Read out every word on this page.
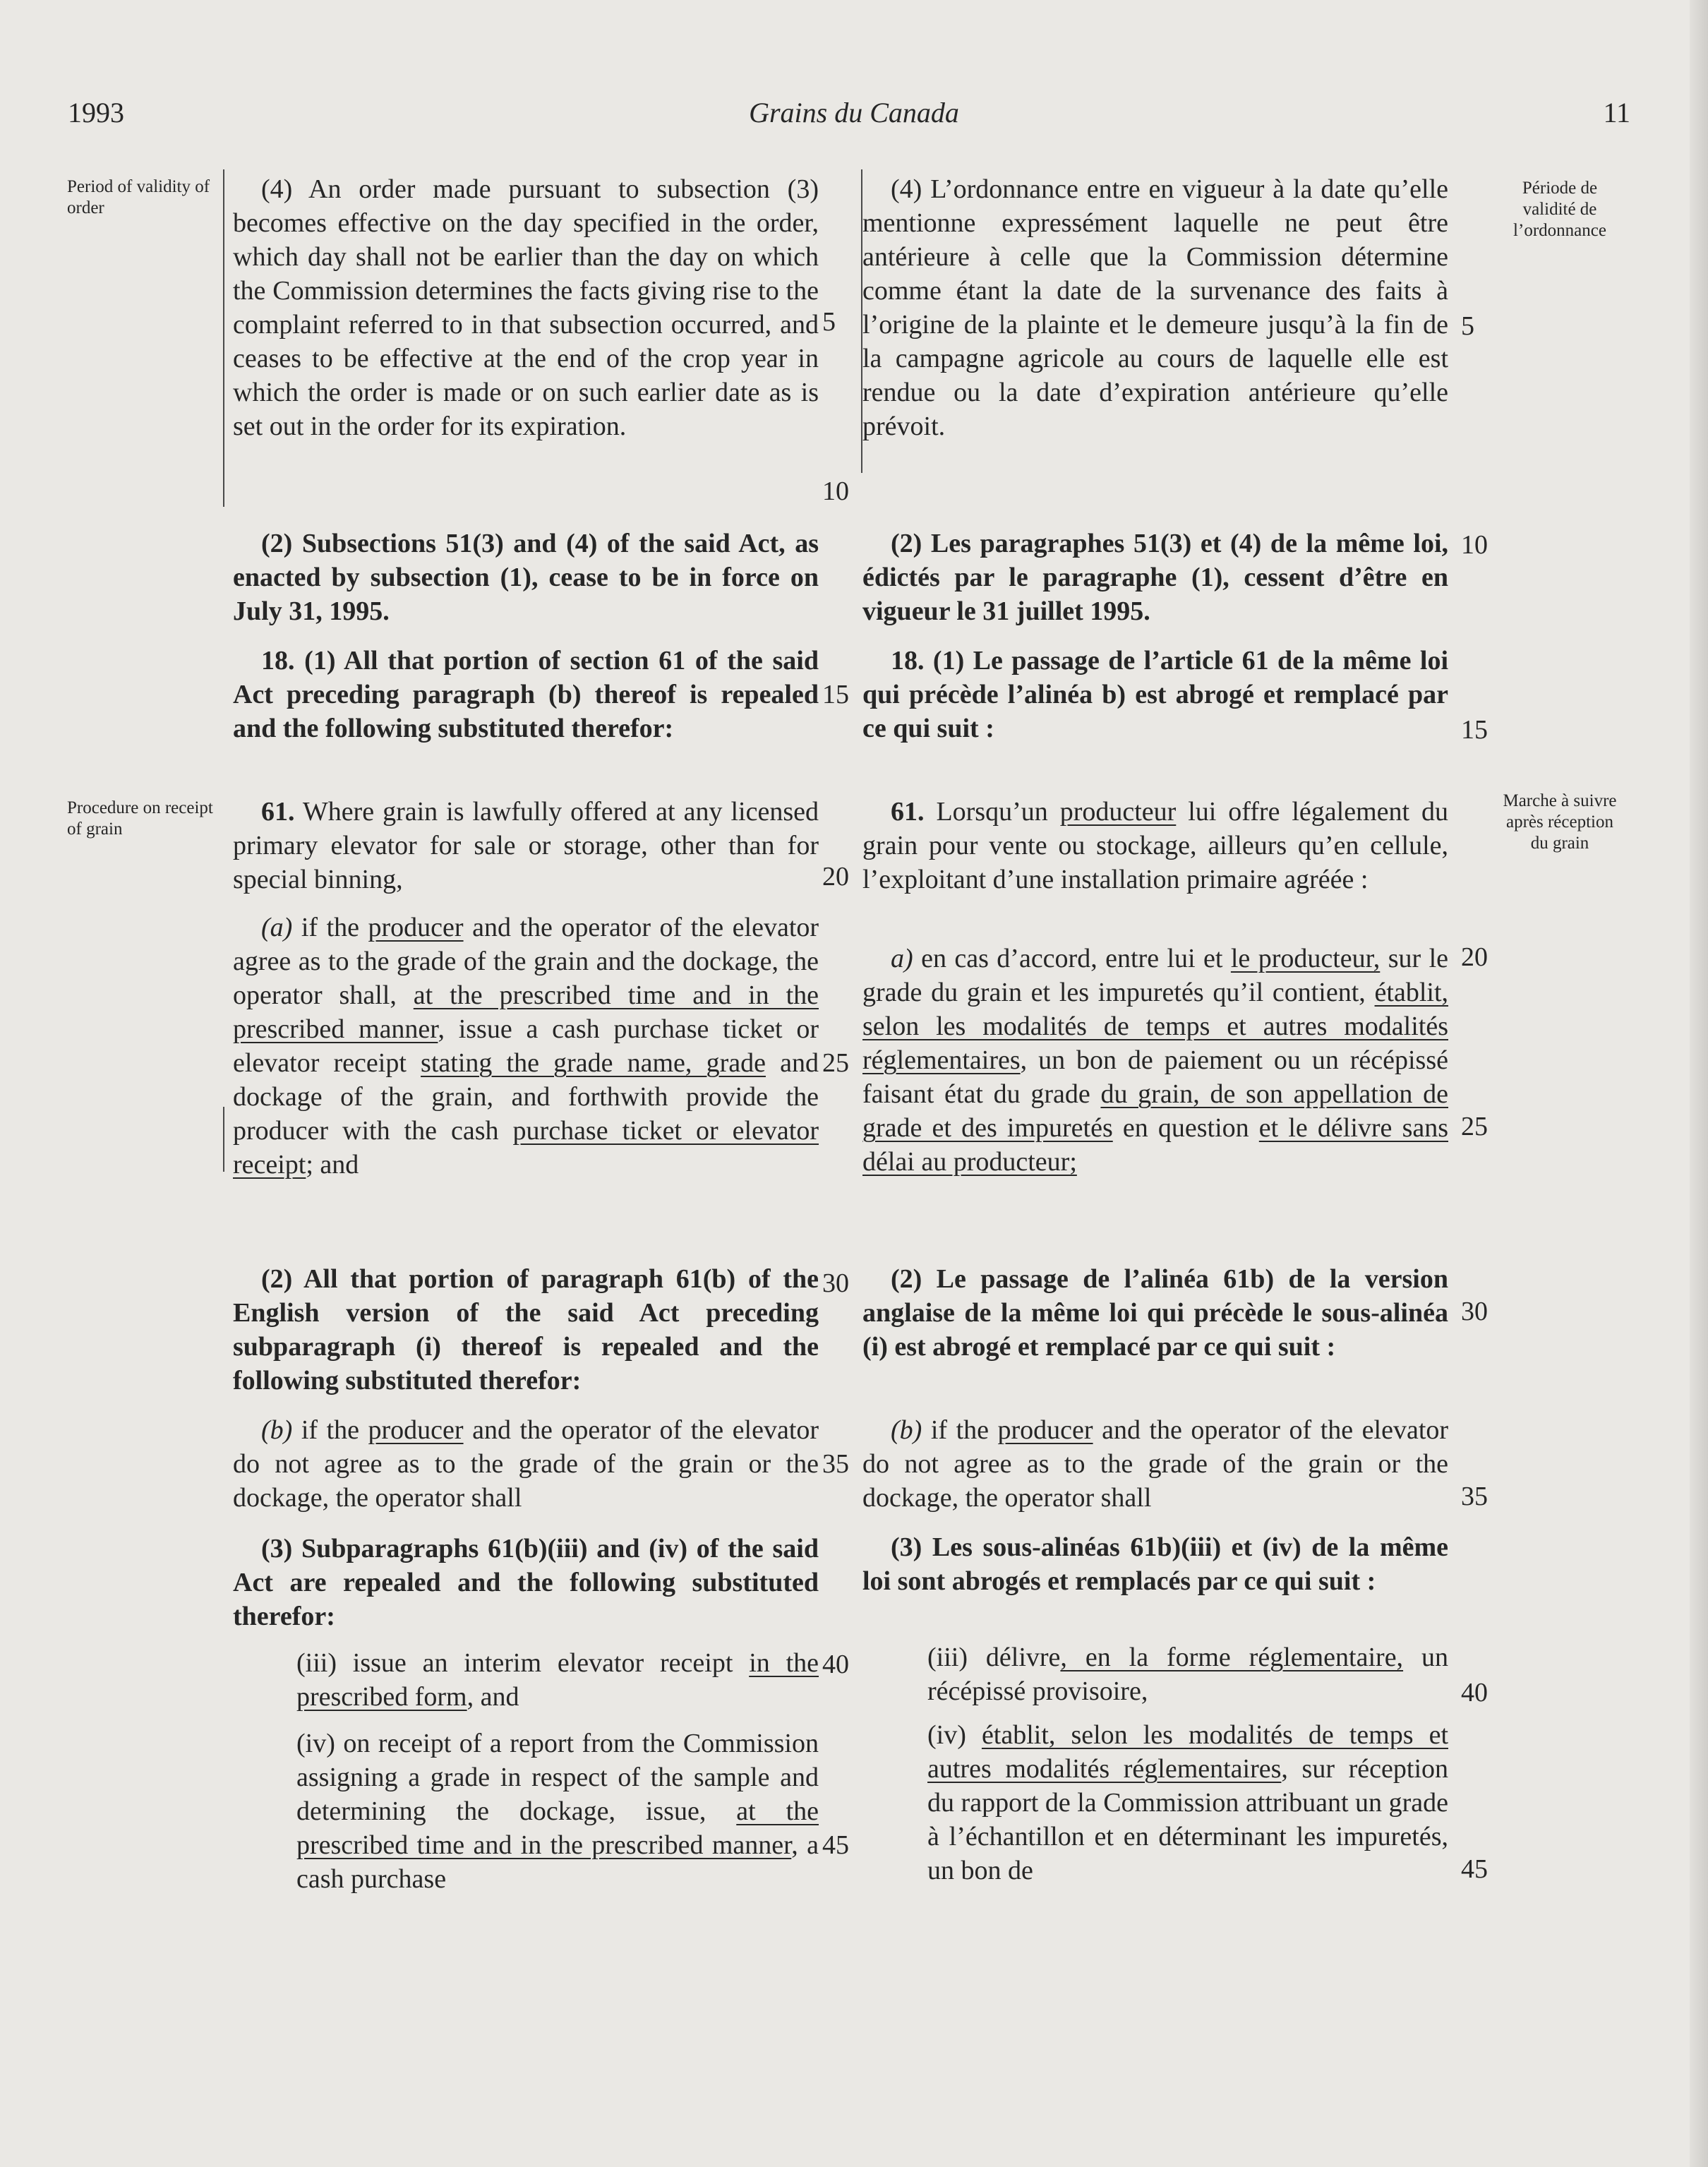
1993	Grains du Canada	11
Period of validity of order
Procedure on receipt of grain
Période de validité de l’ordonnance
Marche à suivre après réception du grain
5
10
15
20
25
30
35
40
45
5
10
15
20
25
30
35
40
45

(4) An order made pursuant to subsection (3) becomes effective on the day specified in the order, which day shall not be earlier than the day on which the Commission determines the facts giving rise to the complaint referred to in that subsection occurred, and ceases to be effective at the end of the crop year in which the order is made or on such earlier date as is set out in the order for its expiration.

(2) Subsections 51(3) and (4) of the said Act, as enacted by subsection (1), cease to be in force on July 31, 1995.

18. (1) All that portion of section 61 of the said Act preceding paragraph (b) thereof is repealed and the following substituted therefor:

61. Where grain is lawfully offered at any licensed primary elevator for sale or storage, other than for special binning,

(a) if the producer and the operator of the elevator agree as to the grade of the grain and the dockage, the operator shall, at the prescribed time and in the prescribed manner, issue a cash purchase ticket or elevator receipt stating the grade name, grade and dockage of the grain, and forthwith provide the producer with the cash purchase ticket or elevator receipt; and

(2) All that portion of paragraph 61(b) of the English version of the said Act preceding subparagraph (i) thereof is repealed and the following substituted therefor:

(b) if the producer and the operator of the elevator do not agree as to the grade of the grain or the dockage, the operator shall

(3) Subparagraphs 61(b)(iii) and (iv) of the said Act are repealed and the following substituted therefor:

(iii) issue an interim elevator receipt in the prescribed form, and

(iv) on receipt of a report from the Commission assigning a grade in respect of the sample and determining the dockage, issue, at the prescribed time and in the prescribed manner, a cash purchase

(4) L’ordonnance entre en vigueur à la date qu’elle mentionne expressément laquelle ne peut être antérieure à celle que la Commission détermine comme étant la date de la survenance des faits à l’origine de la plainte et le demeure jusqu’à la fin de la campagne agricole au cours de laquelle elle est rendue ou la date d’expiration antérieure qu’elle prévoit.

(2) Les paragraphes 51(3) et (4) de la même loi, édictés par le paragraphe (1), cessent d’être en vigueur le 31 juillet 1995.

18. (1) Le passage de l’article 61 de la même loi qui précède l’alinéa b) est abrogé et remplacé par ce qui suit :

61. Lorsqu’un producteur lui offre légalement du grain pour vente ou stockage, ailleurs qu’en cellule, l’exploitant d’une installation primaire agréée :

a) en cas d’accord, entre lui et le producteur, sur le grade du grain et les impuretés qu’il contient, établit, selon les modalités de temps et autres modalités réglementaires, un bon de paiement ou un récépissé faisant état du grade du grain, de son appellation de grade et des impuretés en question et le délivre sans délai au producteur;

(2) Le passage de l’alinéa 61b) de la version anglaise de la même loi qui précède le sous-alinéa (i) est abrogé et remplacé par ce qui suit :

(b) if the producer and the operator of the elevator do not agree as to the grade of the grain or the dockage, the operator shall

(3) Les sous-alinéas 61b)(iii) et (iv) de la même loi sont abrogés et remplacés par ce qui suit :

(iii) délivre, en la forme réglementaire, un récépissé provisoire,

(iv) établit, selon les modalités de temps et autres modalités réglementaires, sur réception du rapport de la Commission attribuant un grade à l’échantillon et en déterminant les impuretés, un bon de
